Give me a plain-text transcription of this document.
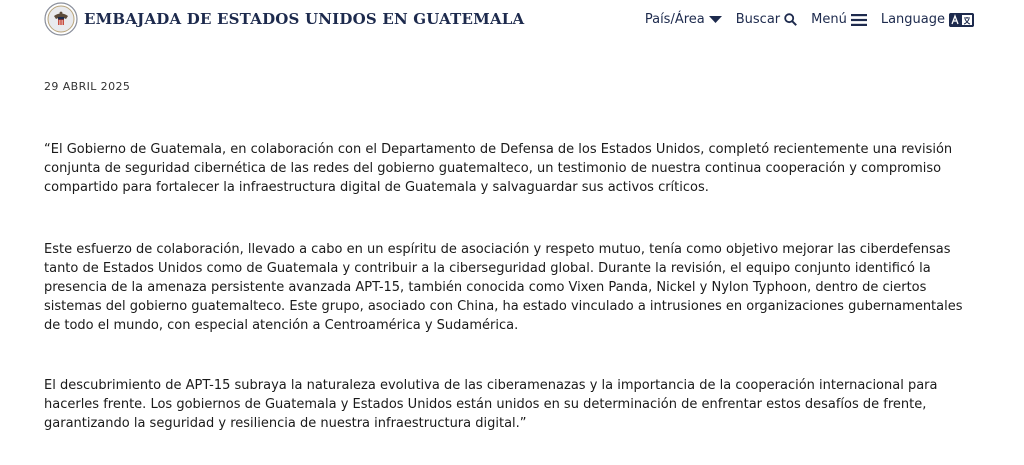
EMBAJADA DE ESTADOS UNIDOS EN GUATEMALA	País/Área Buscar Menú	Language
29 ABRIL 2025

“El Gobierno de Guatemala, en colaboración con el Departamento de Defensa de los Estados Unidos, completó recientemente una revisión conjunta de seguridad cibernética de las redes del gobierno guatemalteco, un testimonio de nuestra continua cooperación y compromiso compartido para fortalecer la infraestructura digital de Guatemala y salvaguardar sus activos críticos.

Este esfuerzo de colaboración, llevado a cabo en un espíritu de asociación y respeto mutuo, tenía como objetivo mejorar las ciberdefensas tanto de Estados Unidos como de Guatemala y contribuir a la ciberseguridad global. Durante la revisión, el equipo conjunto identificó la presencia de la amenaza persistente avanzada APT-15, también conocida como Vixen Panda, Nickel y Nylon Typhoon, dentro de ciertos sistemas del gobierno guatemalteco. Este grupo, asociado con China, ha estado vinculado a intrusiones en organizaciones gubernamentales de todo el mundo, con especial atención a Centroamérica y Sudamérica.

El descubrimiento de APT-15 subraya la naturaleza evolutiva de las ciberamenazas y la importancia de la cooperación internacional para hacerles frente. Los gobiernos de Guatemala y Estados Unidos están unidos en su determinación de enfrentar estos desafíos de frente, garantizando la seguridad y resiliencia de nuestra infraestructura digital.”
